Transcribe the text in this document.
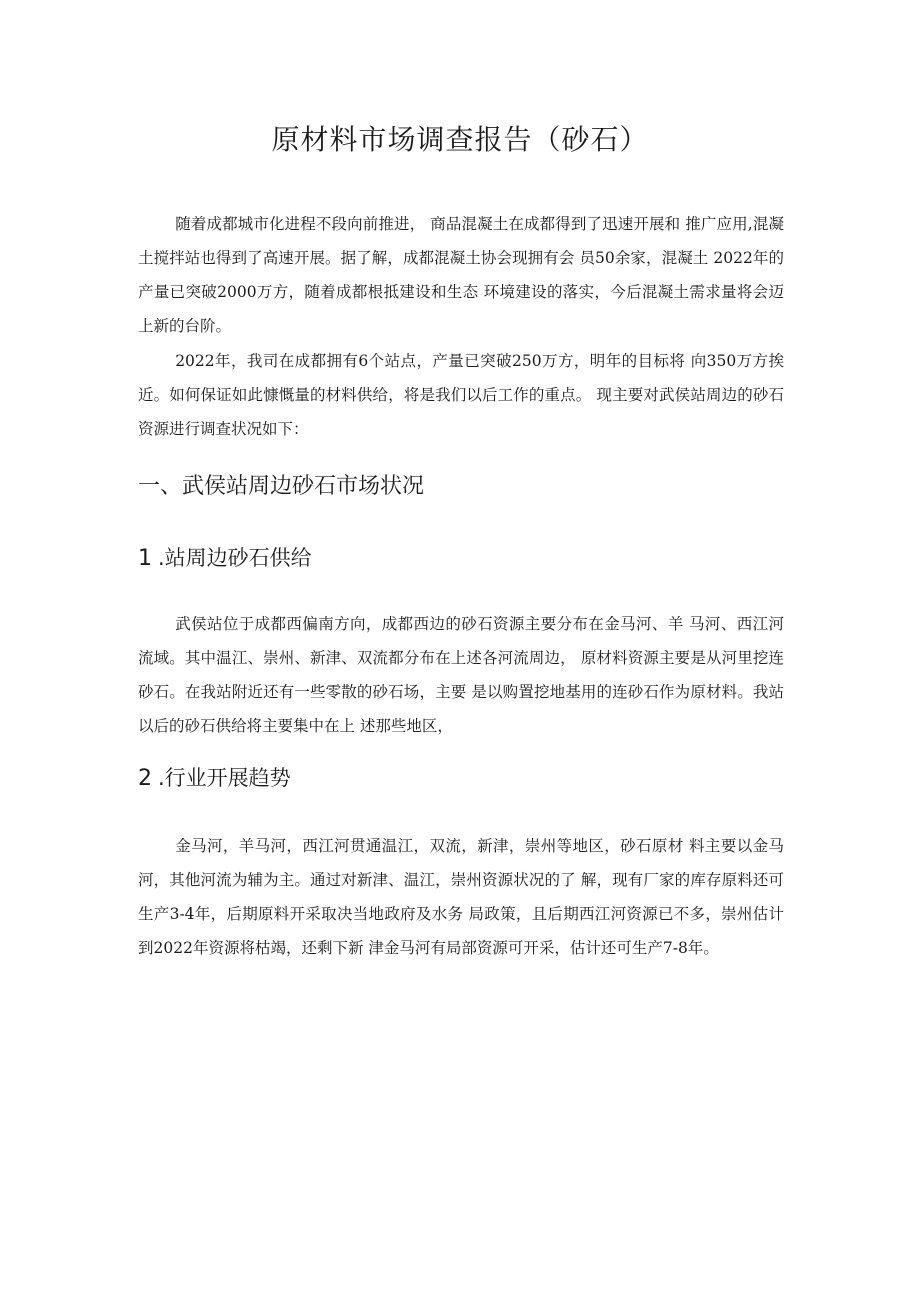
原材料市场调查报告（砂石）

随着成都城市化进程不段向前推进， 商品混凝土在成都得到了迅速开展和 推广应用,混凝土搅拌站也得到了高速开展。据了解，成都混凝土协会现拥有会 员50余家，混凝土 2022年的产量已突破2000万方，随着成都根抵建设和生态 环境建设的落实，今后混凝土需求量将会迈上新的台阶。

2022年，我司在成都拥有6个站点，产量已突破250万方，明年的目标将 向350万方挨近。如何保证如此慷慨量的材料供给，将是我们以后工作的重点。 现主要对武侯站周边的砂石资源进行调查状况如下：

一、武侯站周边砂石市场状况
1 .站周边砂石供给

武侯站位于成都西偏南方向，成都西边的砂石资源主要分布在金马河、羊 马河、西江河流域。其中温江、崇州、新津、双流都分布在上述各河流周边， 原材料资源主要是从河里挖连砂石。在我站附近还有一些零散的砂石场，主要 是以购置挖地基用的连砂石作为原材料。我站以后的砂石供给将主要集中在上 述那些地区，

2 .行业开展趋势

金马河，羊马河，西江河贯通温江，双流，新津，崇州等地区，砂石原材 料主要以金马河，其他河流为辅为主。通过对新津、温江，崇州资源状况的了 解，现有厂家的库存原料还可生产3-4年，后期原料开采取决当地政府及水务 局政策，且后期西江河资源已不多，崇州估计到2022年资源将枯竭，还剩下新 津金马河有局部资源可开采，估计还可生产7-8年。
